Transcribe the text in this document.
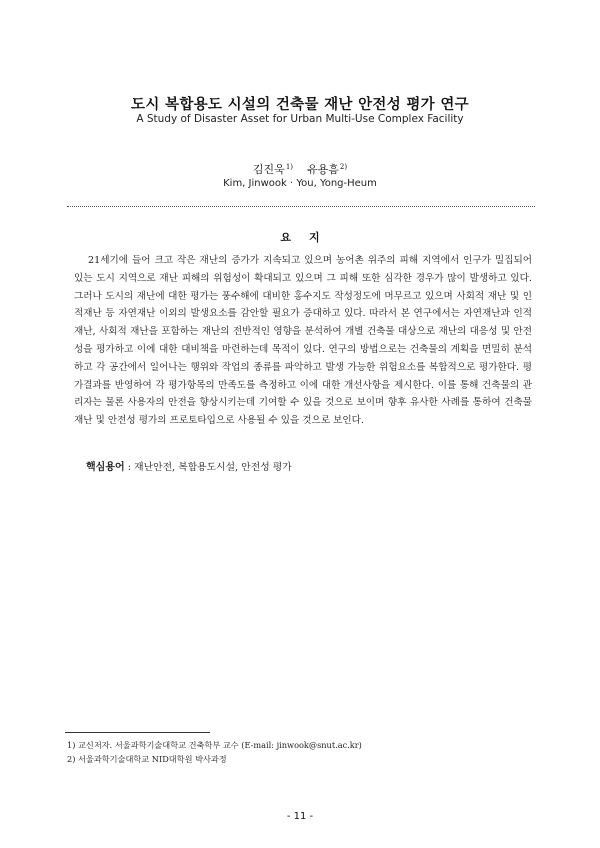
도시 복합용도 시설의 건축물 재난 안전성 평가 연구
A Study of Disaster Asset for Urban Multi-Use Complex Facility
김진욱$^{1)}$ 유용흠$^{2)}$
Kim, Jinwook · You, Yong-Heum
요지
21세기에 들어 크고 작은 재난의 증가가 지속되고 있으며 농어촌 위주의 피해 지역에서 인구가 밀집되어 있는 도시 지역으로 재난 피해의 위험성이 확대되고 있으며 그 피해 또한 심각한 경우가 많이 발생하고 있다. 그러나 도시의 재난에 대한 평가는 풍수해에 대비한 홍수지도 작성정도에 머무르고 있으며 사회적 재난 및 인적재난 등 자연재난 이외의 발생요소를 감안할 필요가 증대하고 있다. 따라서 본 연구에서는 자연재난과 인적재난, 사회적 재난을 포함하는 재난의 전반적인 영향을 분석하여 개별 건축물 대상으로 재난의 대응성 및 안전성을 평가하고 이에 대한 대비책을 마련하는데 목적이 있다. 연구의 방법으로는 건축물의 계획을 면밀히 분석하고 각 공간에서 일어나는 행위와 작업의 종류를 파악하고 발생 가능한 위험요소를 복합적으로 평가한다. 평가결과를 반영하여 각 평가항목의 만족도를 측정하고 이에 대한 개선사항을 제시한다. 이를 통해 건축물의 관리자는 물론 사용자의 안전을 향상시키는데 기여할 수 있을 것으로 보이며 향후 유사한 사례를 통하여 건축물 재난 및 안전성 평가의 프로토타입으로 사용될 수 있을 것으로 보인다.
핵심용어 : 재난안전, 복합용도시설, 안전성 평가
1) 교신저자. 서울과학기술대학교 건축학부 교수 (E-mail: jinwook@snut.ac.kr)
2) 서울과학기술대학교 NID대학원 박사과정
- 11 -
